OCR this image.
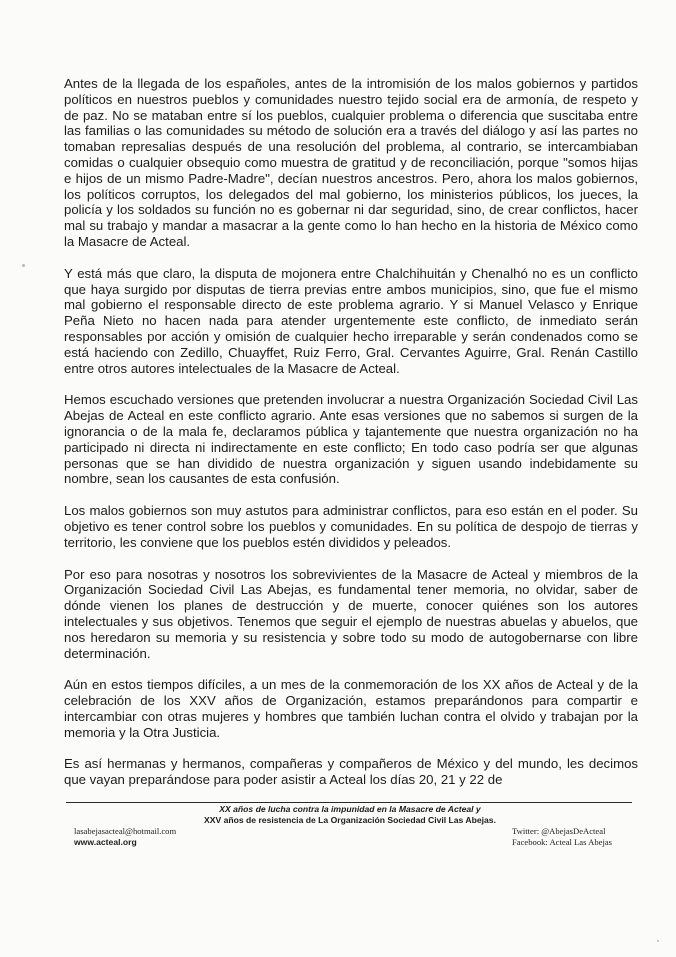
Antes de la llegada de los españoles, antes de la intromisión de los malos gobiernos y partidos políticos en nuestros pueblos y comunidades nuestro tejido social era de armonía, de respeto y de paz. No se mataban entre sí los pueblos, cualquier problema o diferencia que suscitaba entre las familias o las comunidades su método de solución era a través del diálogo y así las partes no tomaban represalias después de una resolución del problema, al contrario, se intercambiaban comidas o cualquier obsequio como muestra de gratitud y de reconciliación, porque "somos hijas e hijos de un mismo Padre-Madre", decían nuestros ancestros. Pero, ahora los malos gobiernos, los políticos corruptos, los delegados del mal gobierno, los ministerios públicos, los jueces, la policía y los soldados su función no es gobernar ni dar seguridad, sino, de crear conflictos, hacer mal su trabajo y mandar a masacrar a la gente como lo han hecho en la historia de México como la Masacre de Acteal.

Y está más que claro, la disputa de mojonera entre Chalchihuitán y Chenalhó no es un conflicto que haya surgido por disputas de tierra previas entre ambos municipios, sino, que fue el mismo mal gobierno el responsable directo de este problema agrario. Y si Manuel Velasco y Enrique Peña Nieto no hacen nada para atender urgentemente este conflicto, de inmediato serán responsables por acción y omisión de cualquier hecho irreparable y serán condenados como se está haciendo con Zedillo, Chuayffet, Ruiz Ferro, Gral. Cervantes Aguirre, Gral. Renán Castillo entre otros autores intelectuales de la Masacre de Acteal.

Hemos escuchado versiones que pretenden involucrar a nuestra Organización Sociedad Civil Las Abejas de Acteal en este conflicto agrario. Ante esas versiones que no sabemos si surgen de la ignorancia o de la mala fe, declaramos pública y tajantemente que nuestra organización no ha participado ni directa ni indirectamente en este conflicto; En todo caso podría ser que algunas personas que se han dividido de nuestra organización y siguen usando indebidamente su nombre, sean los causantes de esta confusión.

Los malos gobiernos son muy astutos para administrar conflictos, para eso están en el poder. Su objetivo es tener control sobre los pueblos y comunidades. En su política de despojo de tierras y territorio, les conviene que los pueblos estén divididos y peleados.

Por eso para nosotras y nosotros los sobrevivientes de la Masacre de Acteal y miembros de la Organización Sociedad Civil Las Abejas, es fundamental tener memoria, no olvidar, saber de dónde vienen los planes de destrucción y de muerte, conocer quiénes son los autores intelectuales y sus objetivos. Tenemos que seguir el ejemplo de nuestras abuelas y abuelos, que nos heredaron su memoria y su resistencia y sobre todo su modo de autogobernarse con libre determinación.

Aún en estos tiempos difíciles, a un mes de la conmemoración de los XX años de Acteal y de la celebración de los XXV años de Organización, estamos preparándonos para compartir e intercambiar con otras mujeres y hombres que también luchan contra el olvido y trabajan por la memoria y la Otra Justicia.

Es así hermanas y hermanos, compañeras y compañeros de México y del mundo, les decimos que vayan preparándose para poder asistir a Acteal los días 20, 21 y 22 de

XX años de lucha contra la impunidad en la Masacre de Acteal y
XXV años de resistencia de La Organización Sociedad Civil Las Abejas.
lasabejasacteal@hotmail.com
www.acteal.org
Twitter: @AbejasDeActeal
Facebook: Acteal Las Abejas
